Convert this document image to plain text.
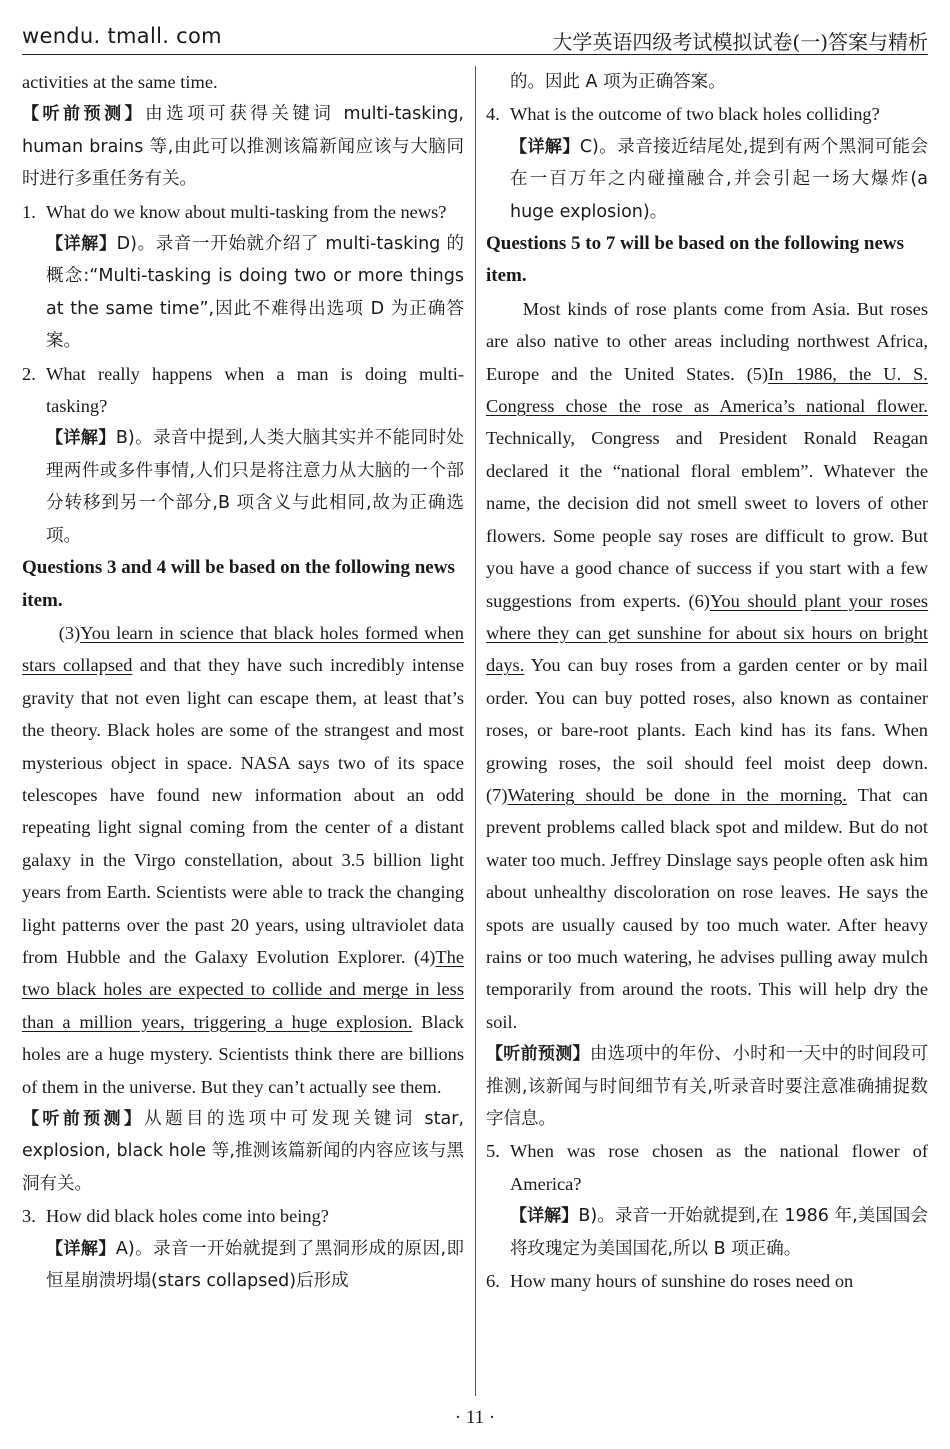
wendu. tmall. com	大学英语四级考试模拟试卷(一)答案与精析

activities at the same time.

【听前预测】由选项可获得关键词 multi-tasking, human brains 等,由此可以推测该篇新闻应该与大脑同时进行多重任务有关。

1. What do we know about multi-tasking from the news?

【详解】D)。录音一开始就介绍了 multi-tasking 的概念:“Multi-tasking is doing two or more things at the same time”,因此不难得出选项 D 为正确答案。

2. What really happens when a man is doing multi-tasking?

【详解】B)。录音中提到,人类大脑其实并不能同时处理两件或多件事情,人们只是将注意力从大脑的一个部分转移到另一个部分,B 项含义与此相同,故为正确选项。

Questions 3 and 4 will be based on the following news item.

(3)You learn in science that black holes formed when stars collapsed and that they have such incredibly intense gravity that not even light can escape them, at least that’s the theory. Black holes are some of the strangest and most mysterious object in space. NASA says two of its space telescopes have found new information about an odd repeating light signal coming from the center of a distant galaxy in the Virgo constellation, about 3.5 billion light years from Earth. Scientists were able to track the changing light patterns over the past 20 years, using ultraviolet data from Hubble and the Galaxy Evolution Explorer. (4)The two black holes are expected to collide and merge in less than a million years, triggering a huge explosion. Black holes are a huge mystery. Scientists think there are billions of them in the universe. But they can’t actually see them.

【听前预测】从题目的选项中可发现关键词 star, explosion, black hole 等,推测该篇新闻的内容应该与黑洞有关。

3. How did black holes come into being?

【详解】A)。录音一开始就提到了黑洞形成的原因,即恒星崩溃坍塌(stars collapsed)后形成

的。因此 A 项为正确答案。

4. What is the outcome of two black holes colliding?

【详解】C)。录音接近结尾处,提到有两个黑洞可能会在一百万年之内碰撞融合,并会引起一场大爆炸(a huge explosion)。

Questions 5 to 7 will be based on the following news item.

Most kinds of rose plants come from Asia. But roses are also native to other areas including northwest Africa, Europe and the United States. (5)In 1986, the U. S. Congress chose the rose as America’s national flower. Technically, Congress and President Ronald Reagan declared it the “national floral emblem”. Whatever the name, the decision did not smell sweet to lovers of other flowers. Some people say roses are difficult to grow. But you have a good chance of success if you start with a few suggestions from experts. (6)You should plant your roses where they can get sunshine for about six hours on bright days. You can buy roses from a garden center or by mail order. You can buy potted roses, also known as container roses, or bare-root plants. Each kind has its fans. When growing roses, the soil should feel moist deep down. (7)Watering should be done in the morning. That can prevent problems called black spot and mildew. But do not water too much. Jeffrey Dinslage says people often ask him about unhealthy discoloration on rose leaves. He says the spots are usually caused by too much water. After heavy rains or too much watering, he advises pulling away mulch temporarily from around the roots. This will help dry the soil.

【听前预测】由选项中的年份、小时和一天中的时间段可推测,该新闻与时间细节有关,听录音时要注意准确捕捉数字信息。

5. When was rose chosen as the national flower of America?

【详解】B)。录音一开始就提到,在 1986 年,美国国会将玫瑰定为美国国花,所以 B 项正确。

6. How many hours of sunshine do roses need on
· 11 ·
